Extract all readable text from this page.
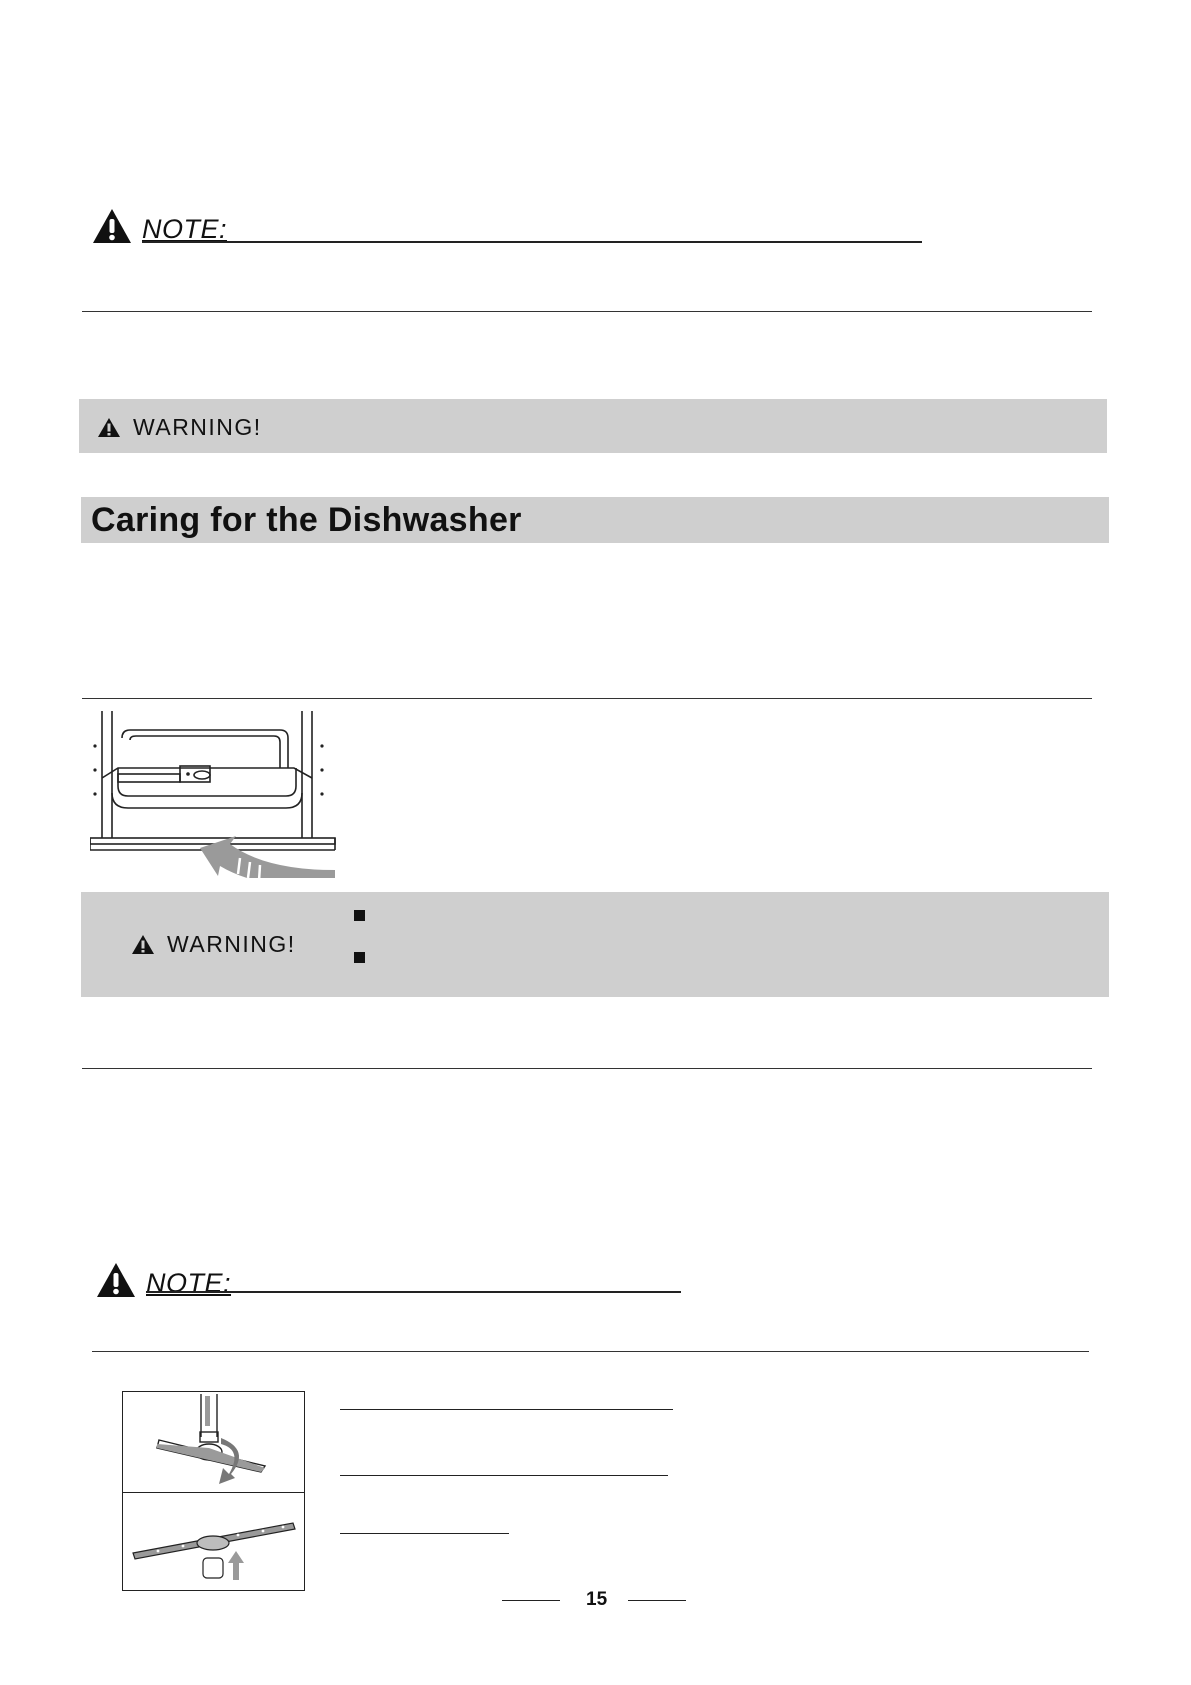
NOTE:
WARNING!
Caring for the Dishwasher
WARNING!
NOTE:
15
